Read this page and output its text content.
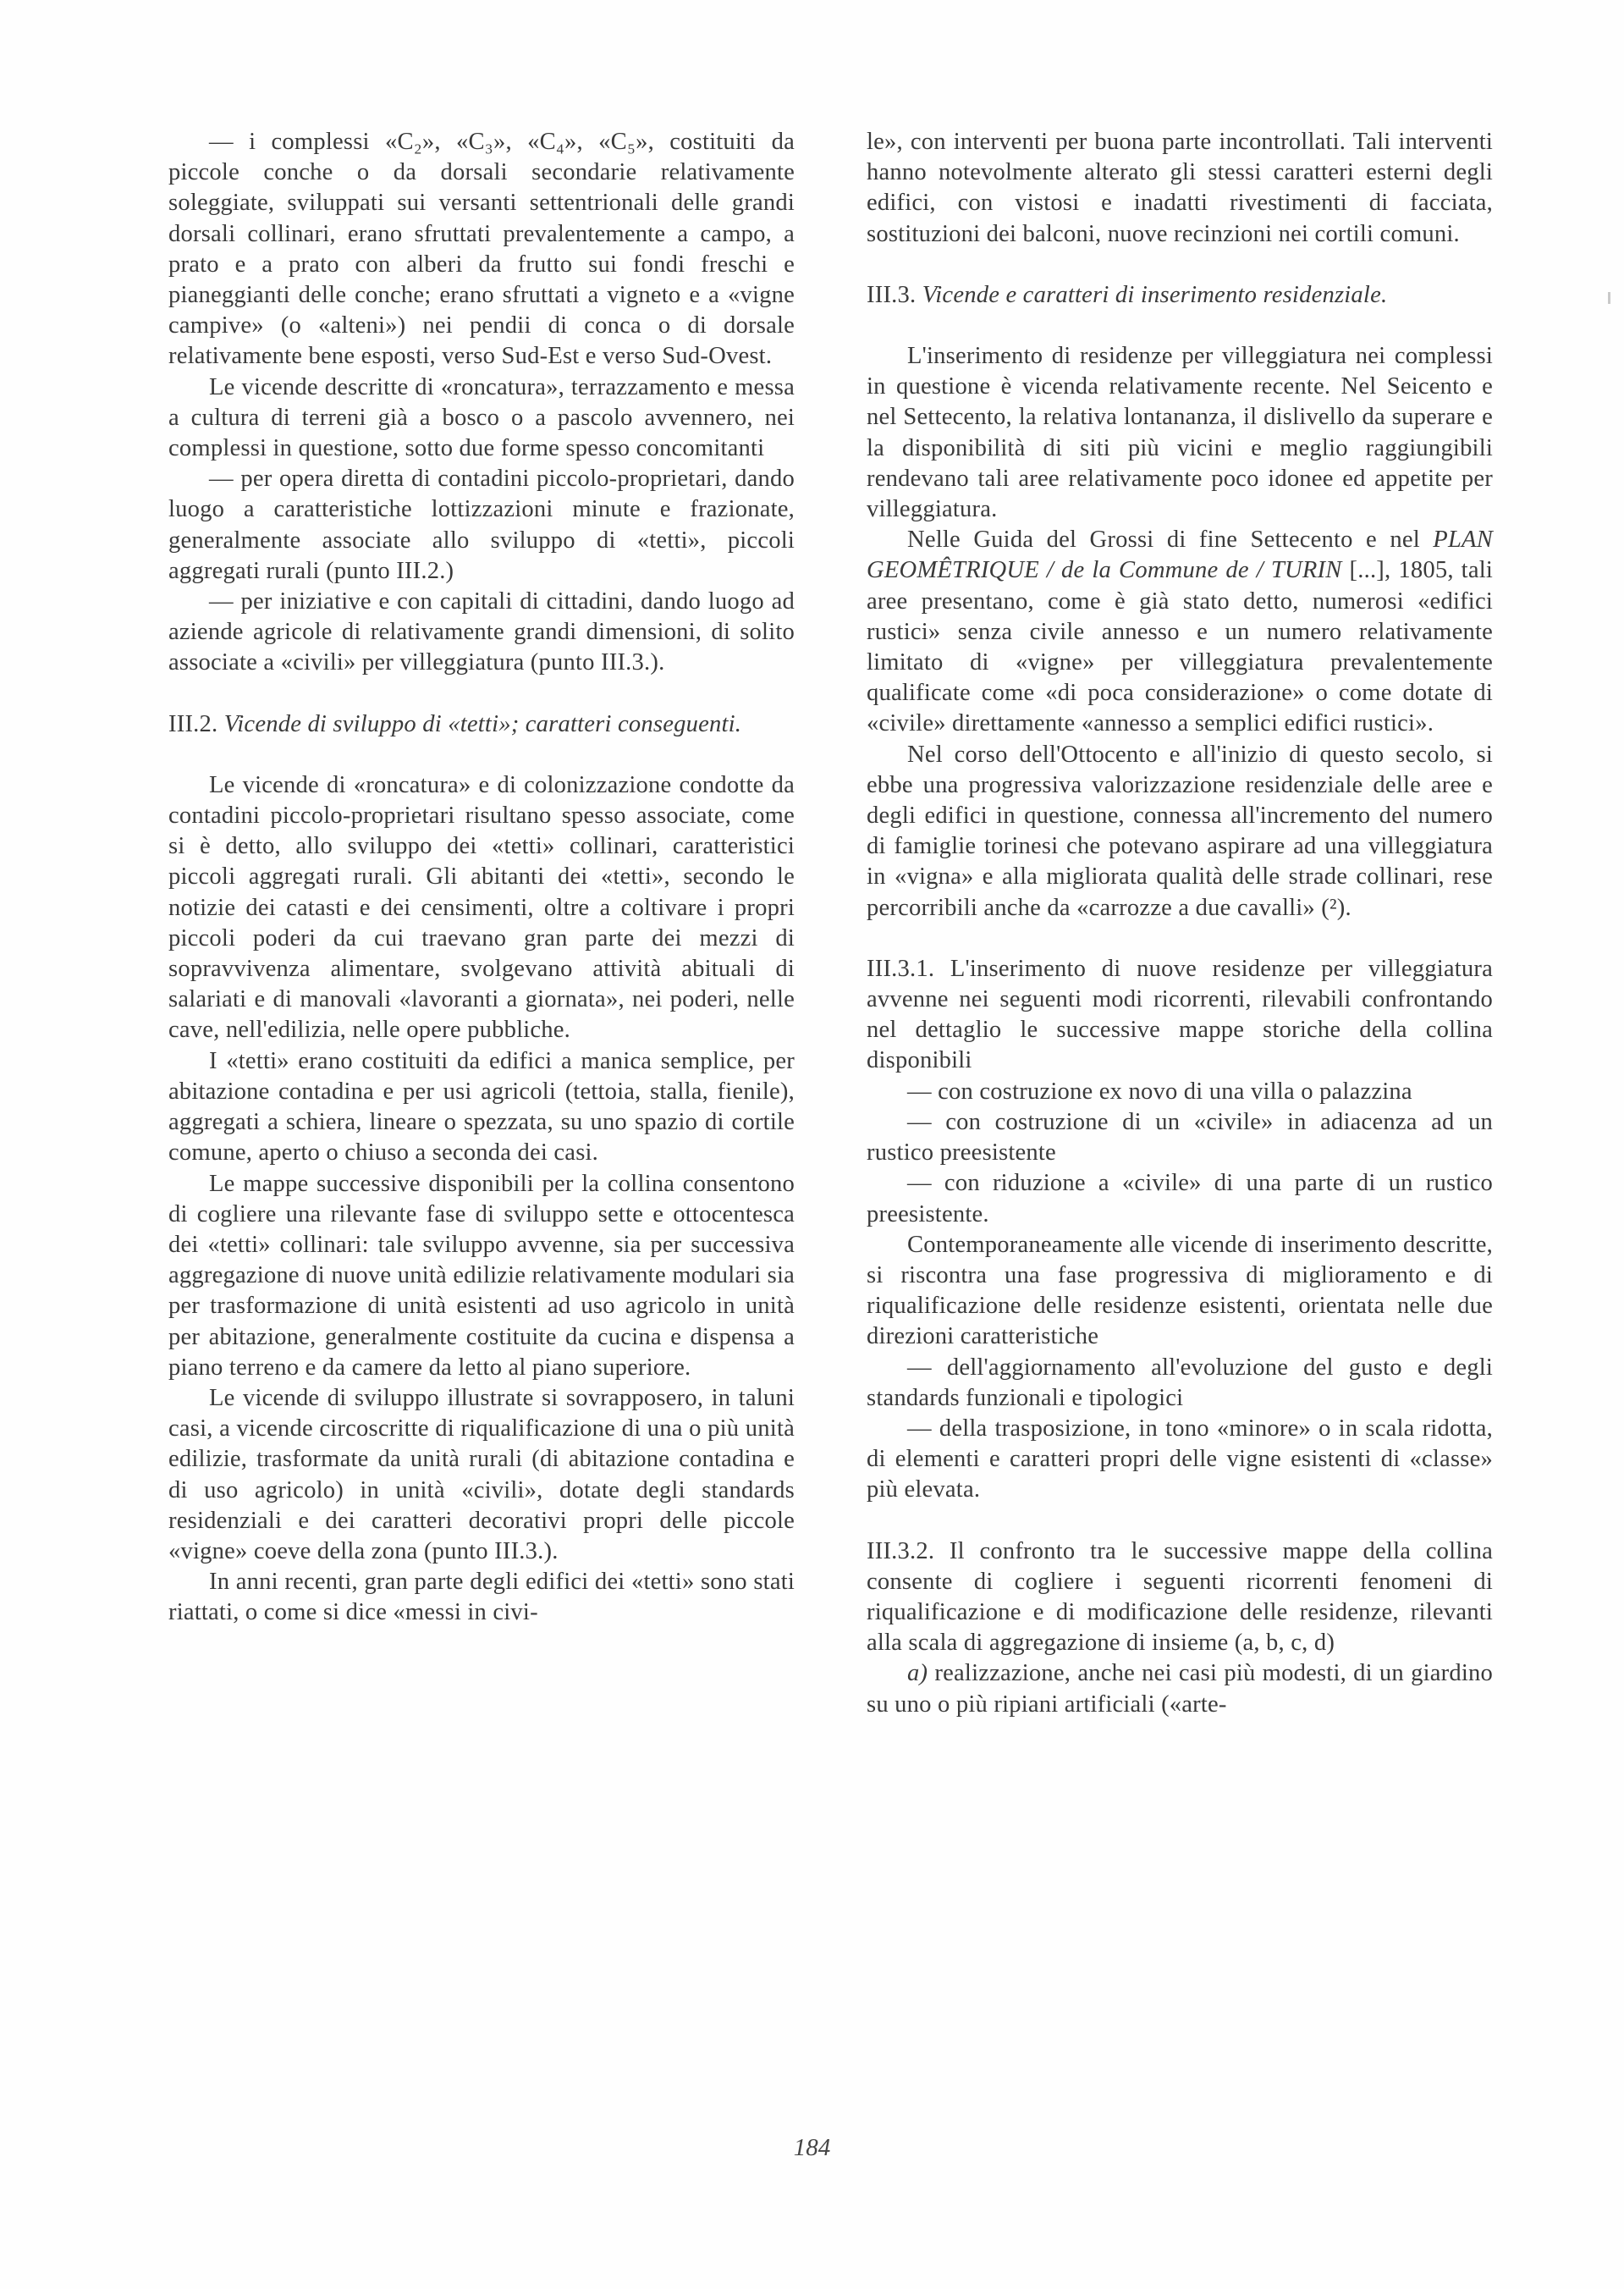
— i complessi «C₂», «C₃», «C₄», «C₅», costituiti da piccole conche o da dorsali secondarie relativamente soleggiate, sviluppati sui versanti settentrionali delle grandi dorsali collinari, erano sfruttati prevalentemente a campo, a prato e a prato con alberi da frutto sui fondi freschi e pianeggianti delle conche; erano sfruttati a vigneto e a «vigne campive» (o «alteni») nei pendii di conca o di dorsale relativamente bene esposti, verso Sud-Est e verso Sud-Ovest.

Le vicende descritte di «roncatura», terrazzamento e messa a cultura di terreni già a bosco o a pascolo avvennero, nei complessi in questione, sotto due forme spesso concomitanti

— per opera diretta di contadini piccolo-proprietari, dando luogo a caratteristiche lottizzazioni minute e frazionate, generalmente associate allo sviluppo di «tetti», piccoli aggregati rurali (punto III.2.)

— per iniziative e con capitali di cittadini, dando luogo ad aziende agricole di relativamente grandi dimensioni, di solito associate a «civili» per villeggiatura (punto III.3.).

III.2. Vicende di sviluppo di «tetti»; caratteri conseguenti.

Le vicende di «roncatura» e di colonizzazione condotte da contadini piccolo-proprietari risultano spesso associate, come si è detto, allo sviluppo dei «tetti» collinari, caratteristici piccoli aggregati rurali. Gli abitanti dei «tetti», secondo le notizie dei catasti e dei censimenti, oltre a coltivare i propri piccoli poderi da cui traevano gran parte dei mezzi di sopravvivenza alimentare, svolgevano attività abituali di salariati e di manovali «lavoranti a giornata», nei poderi, nelle cave, nell'edilizia, nelle opere pubbliche.

I «tetti» erano costituiti da edifici a manica semplice, per abitazione contadina e per usi agricoli (tettoia, stalla, fienile), aggregati a schiera, lineare o spezzata, su uno spazio di cortile comune, aperto o chiuso a seconda dei casi.

Le mappe successive disponibili per la collina consentono di cogliere una rilevante fase di sviluppo sette e ottocentesca dei «tetti» collinari: tale sviluppo avvenne, sia per successiva aggregazione di nuove unità edilizie relativamente modulari sia per trasformazione di unità esistenti ad uso agricolo in unità per abitazione, generalmente costituite da cucina e dispensa a piano terreno e da camere da letto al piano superiore.

Le vicende di sviluppo illustrate si sovrapposero, in taluni casi, a vicende circoscritte di riqualificazione di una o più unità edilizie, trasformate da unità rurali (di abitazione contadina e di uso agricolo) in unità «civili», dotate degli standards residenziali e dei caratteri decorativi propri delle piccole «vigne» coeve della zona (punto III.3.).

In anni recenti, gran parte degli edifici dei «tetti» sono stati riattati, o come si dice «messi in civi-

le», con interventi per buona parte incontrollati. Tali interventi hanno notevolmente alterato gli stessi caratteri esterni degli edifici, con vistosi e inadatti rivestimenti di facciata, sostituzioni dei balconi, nuove recinzioni nei cortili comuni.

III.3. Vicende e caratteri di inserimento residenziale.

L'inserimento di residenze per villeggiatura nei complessi in questione è vicenda relativamente recente. Nel Seicento e nel Settecento, la relativa lontananza, il dislivello da superare e la disponibilità di siti più vicini e meglio raggiungibili rendevano tali aree relativamente poco idonee ed appetite per villeggiatura.

Nelle Guida del Grossi di fine Settecento e nel PLAN GEOMÊTRIQUE / de la Commune de / TURIN [...], 1805, tali aree presentano, come è già stato detto, numerosi «edifici rustici» senza civile annesso e un numero relativamente limitato di «vigne» per villeggiatura prevalentemente qualificate come «di poca considerazione» o come dotate di «civile» direttamente «annesso a semplici edifici rustici».

Nel corso dell'Ottocento e all'inizio di questo secolo, si ebbe una progressiva valorizzazione residenziale delle aree e degli edifici in questione, connessa all'incremento del numero di famiglie torinesi che potevano aspirare ad una villeggiatura in «vigna» e alla migliorata qualità delle strade collinari, rese percorribili anche da «carrozze a due cavalli» (²).

III.3.1. L'inserimento di nuove residenze per villeggiatura avvenne nei seguenti modi ricorrenti, rilevabili confrontando nel dettaglio le successive mappe storiche della collina disponibili

— con costruzione ex novo di una villa o palazzina

— con costruzione di un «civile» in adiacenza ad un rustico preesistente

— con riduzione a «civile» di una parte di un rustico preesistente.

Contemporaneamente alle vicende di inserimento descritte, si riscontra una fase progressiva di miglioramento e di riqualificazione delle residenze esistenti, orientata nelle due direzioni caratteristiche

— dell'aggiornamento all'evoluzione del gusto e degli standards funzionali e tipologici

— della trasposizione, in tono «minore» o in scala ridotta, di elementi e caratteri propri delle vigne esistenti di «classe» più elevata.

III.3.2. Il confronto tra le successive mappe della collina consente di cogliere i seguenti ricorrenti fenomeni di riqualificazione e di modificazione delle residenze, rilevanti alla scala di aggregazione di insieme (a, b, c, d)

a) realizzazione, anche nei casi più modesti, di un giardino su uno o più ripiani artificiali («arte-

184
